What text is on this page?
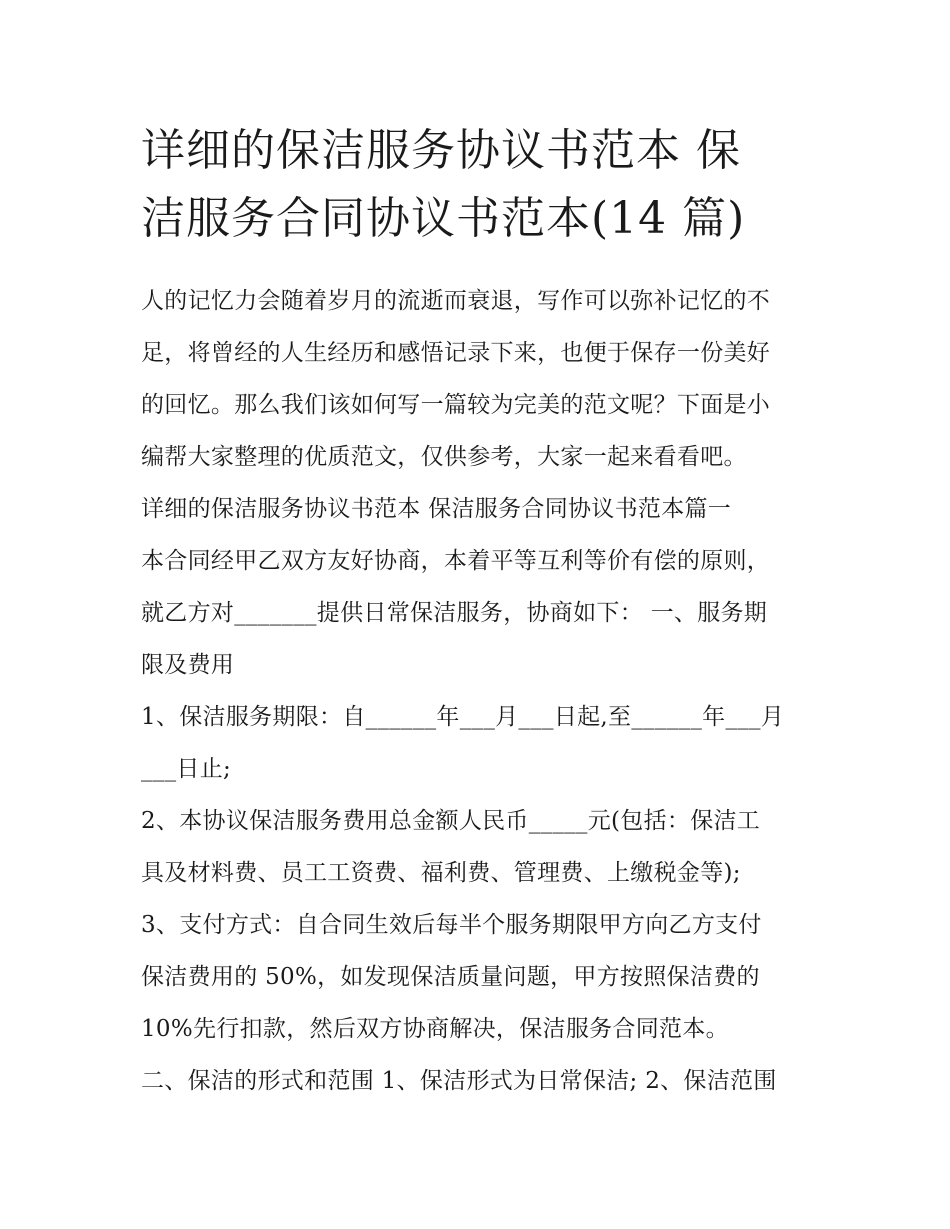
详细的保洁服务协议书范本 保
洁服务合同协议书范本(14 篇)
人的记忆力会随着岁月的流逝而衰退，写作可以弥补记忆的不
足，将曾经的人生经历和感悟记录下来，也便于保存一份美好
的回忆。那么我们该如何写一篇较为完美的范文呢？下面是小
编帮大家整理的优质范文，仅供参考，大家一起来看看吧。
详细的保洁服务协议书范本 保洁服务合同协议书范本篇一
本合同经甲乙双方友好协商，本着平等互利等价有偿的原则，
就乙方对_______提供日常保洁服务，协商如下： 一、服务期
限及费用
1、保洁服务期限：自______年___月___日起,至______年___月
___日止;
2、本协议保洁服务费用总金额人民币_____元(包括：保洁工
具及材料费、员工工资费、福利费、管理费、上缴税金等);
3、支付方式：自合同生效后每半个服务期限甲方向乙方支付
保洁费用的 50%，如发现保洁质量问题，甲方按照保洁费的
10%先行扣款，然后双方协商解决，保洁服务合同范本。
二、保洁的形式和范围 1、保洁形式为日常保洁; 2、保洁范围
